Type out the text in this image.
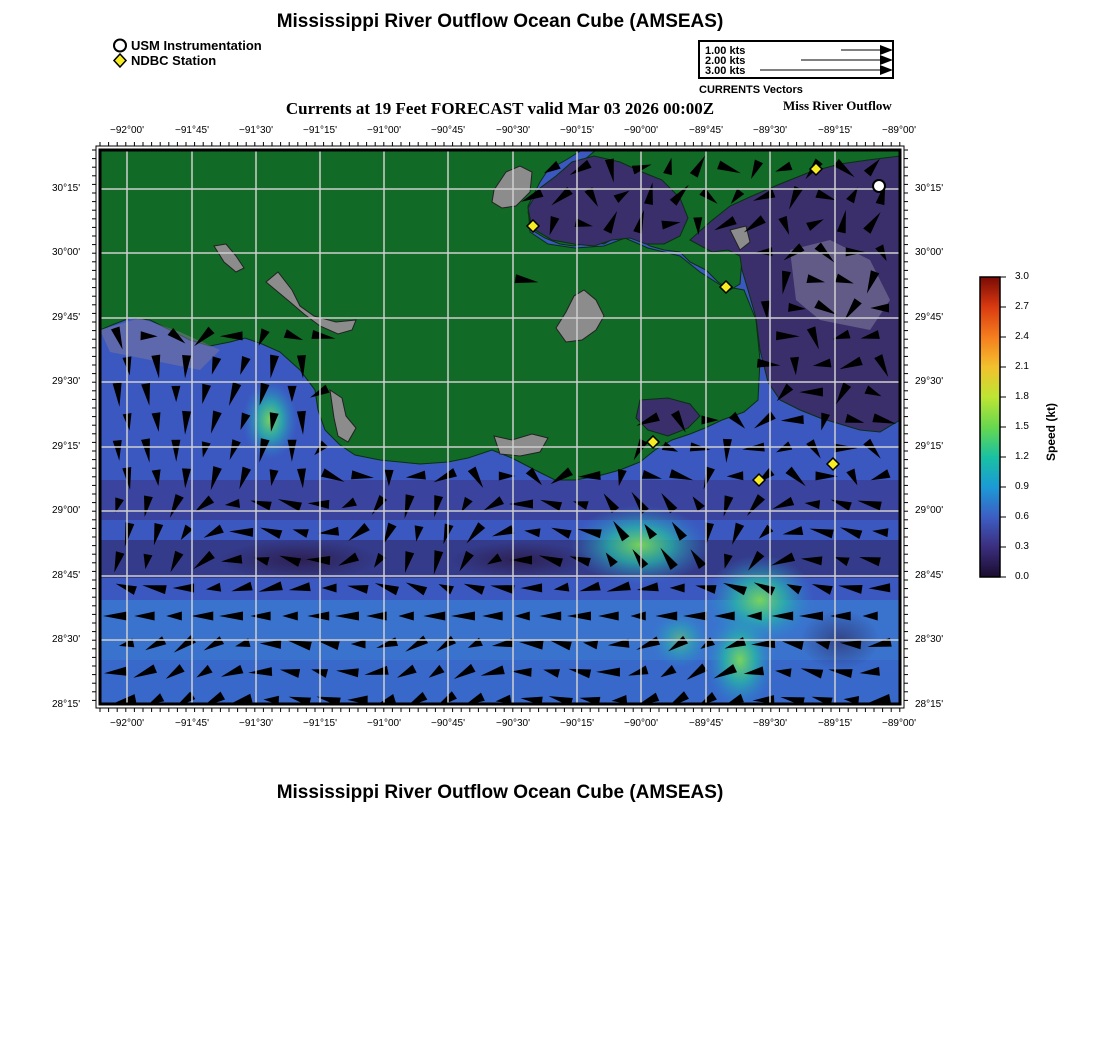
Mississippi River Outflow Ocean Cube (AMSEAS)
USM Instrumentation
NDBC Station
1.00 kts
2.00 kts
3.00 kts
CURRENTS Vectors
Currents at 19 Feet FORECAST valid Mar 03 2026 00:00Z	Miss River Outflow
−92°00'	−91°45'	−91°30'	−91°15'	−91°00'	−90°45'	−90°30'	−90°15'	−90°00'	−89°45'	−89°30'	−89°15'	−89°00'
−92°00'	−91°45'	−91°30'	−91°15'	−91°00'	−90°45'	−90°30'	−90°15'	−90°00'	−89°45'	−89°30'	−89°15'	−89°00'
30°15'
30°00'
29°45'
29°30'
29°15'
29°00'
28°45'
28°30'
28°15'
30°15'
30°00'
29°45'
29°30'
29°15'
29°00'
28°45'
28°30'
28°15'
3.0
2.7
2.4
2.1
1.8
1.5
1.2
0.9
0.6
0.3
0.0
Speed (kt)
Mississippi River Outflow Ocean Cube (AMSEAS)
